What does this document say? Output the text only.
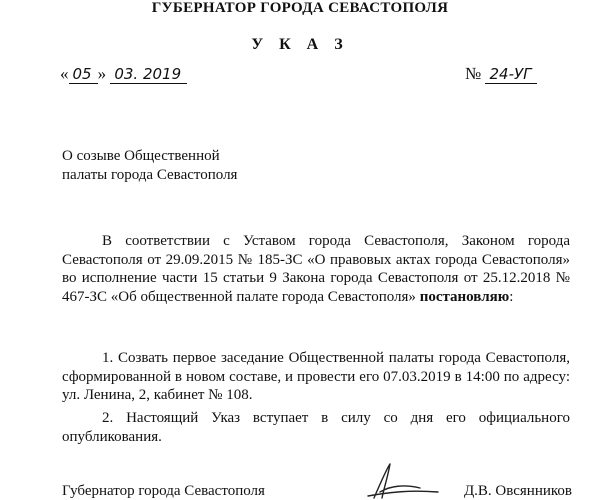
ГУБЕРНАТОР ГОРОДА СЕВАСТОПОЛЯ
У К А З
« 05 » 03. 2019	№ 24-УГ
О созыве Общественной
палаты города Севастополя
В соответствии с Уставом города Севастополя, Законом города Севастополя от 29.09.2015 № 185-ЗС «О правовых актах города Севастополя» во исполнение части 15 статьи 9 Закона города Севастополя от 25.12.2018 № 467-ЗС «Об общественной палате города Севастополя» постановляю:
1. Созвать первое заседание Общественной палаты города Севастополя, сформированной в новом составе, и провести его 07.03.2019 в 14:00 по адресу: ул. Ленина, 2, кабинет № 108.
2. Настоящий Указ вступает в силу со дня его официального опубликования.
Губернатор города Севастополя	Д.В. Овсянников
